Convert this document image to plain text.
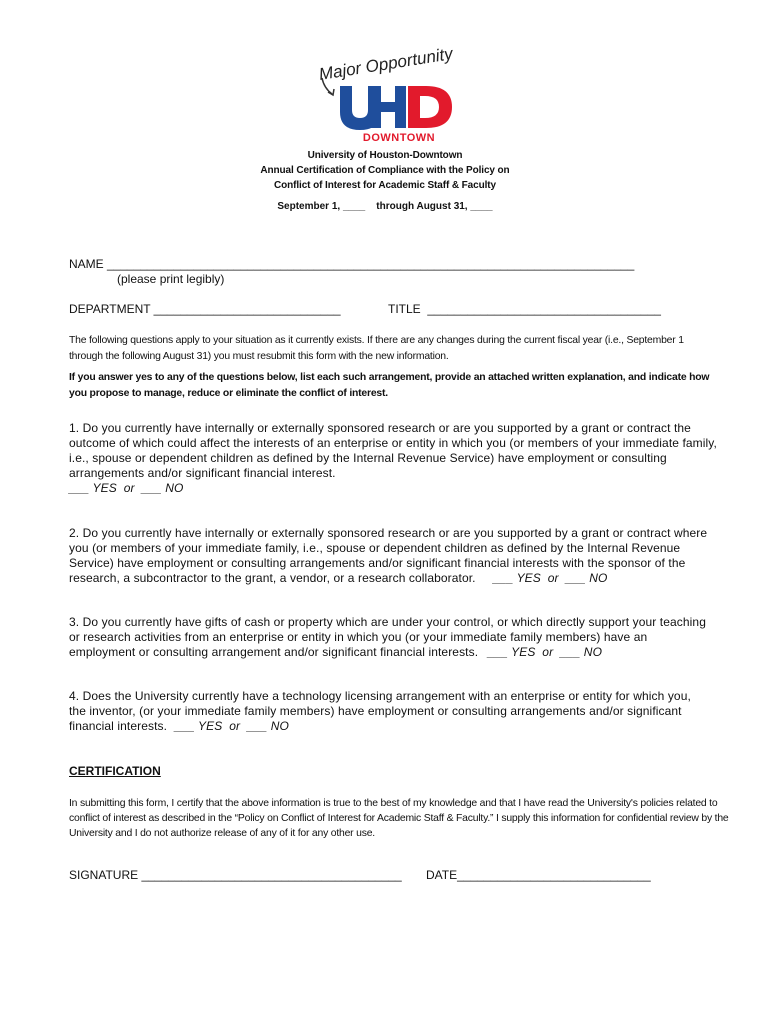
Major Opportunity
DOWNTOWN
University of Houston-Downtown
Annual Certification of Compliance with the Policy on
Conflict of Interest for Academic Staff & Faculty
September 1, ____    through August 31, ____
NAME _______________________________________________________________________________
(please print legibly)
DEPARTMENT ____________________________	TITLE  ___________________________________
The following questions apply to your situation as it currently exists. If there are any changes during the current fiscal year (i.e., September 1 through the following August 31) you must resubmit this form with the new information.
If you answer yes to any of the questions below, list each such arrangement, provide an attached written explanation, and indicate how you propose to manage, reduce or eliminate the conflict of interest.
1. Do you currently have internally or externally sponsored research or are you supported by a grant or contract the outcome of which could affect the interests of an enterprise or entity in which you (or members of your immediate family, i.e., spouse or dependent children as defined by the Internal Revenue Service) have employment or consulting arrangements and/or significant financial interest.
___ YES  or  ___ NO
2. Do you currently have internally or externally sponsored research or are you supported by a grant or contract where you (or members of your immediate family, i.e., spouse or dependent children as defined by the Internal Revenue Service) have employment or consulting arrangements and/or significant financial interests with the sponsor of the research, a subcontractor to the grant, a vendor, or a research collaborator. ___ YES  or  ___ NO
3. Do you currently have gifts of cash or property which are under your control, or which directly support your teaching or research activities from an enterprise or entity in which you (or your immediate family members) have an employment or consulting arrangement and/or significant financial interests. ___ YES  or  ___ NO
4. Does the University currently have a technology licensing arrangement with an enterprise or entity for which you, the inventor, (or your immediate family members) have employment or consulting arrangements and/or significant financial interests. ___ YES  or  ___ NO
CERTIFICATION
In submitting this form, I certify that the above information is true to the best of my knowledge and that I have read the University's policies related to conflict of interest as described in the “Policy on Conflict of Interest for Academic Staff & Faculty.” I supply this information for confidential review by the University and I do not authorize release of any of it for any other use.
SIGNATURE _______________________________________ DATE_____________________________
